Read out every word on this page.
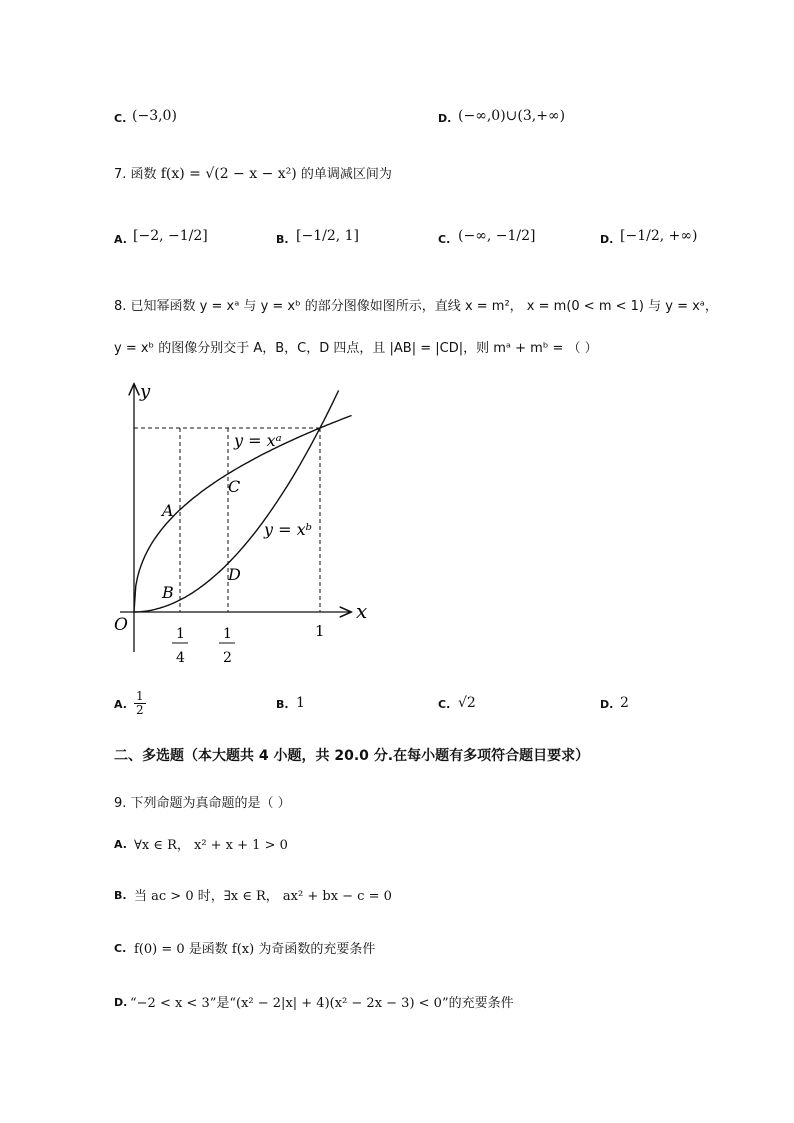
C. (−3,0)	D. (−∞,0)∪(3,+∞)
7. 函数 f(x) = √(2 − x − x²) 的单调减区间为
A. [−2, −1/2]	B. [−1/2, 1]	C. (−∞, −1/2]	D. [−1/2, +∞)
8. 已知幂函数 y = xᵃ 与 y = xᵇ 的部分图像如图所示，直线 x = m²， x = m(0 < m < 1) 与 y = xᵃ，
y = xᵇ 的图像分别交于 A，B，C，D 四点，且 |AB| = |CD|，则 mᵃ + mᵇ = （ ）
y
x
O
y = xᵃ
y = xᵇ
A
B
C
D
1
4
1
2
1
A. $\frac{1}{2}$	B. 1	C. √2	D. 2
二、多选题（本大题共 4 小题，共 20.0 分.在每小题有多项符合题目要求）
9. 下列命题为真命题的是（ ）
A. ∀x ∈ R， x² + x + 1 > 0
B. 当 ac > 0 时，∃x ∈ R， ax² + bx − c = 0
C. f(0) = 0 是函数 f(x) 为奇函数的充要条件
D. “−2 < x < 3”是“(x² − 2|x| + 4)(x² − 2x − 3) < 0”的充要条件
